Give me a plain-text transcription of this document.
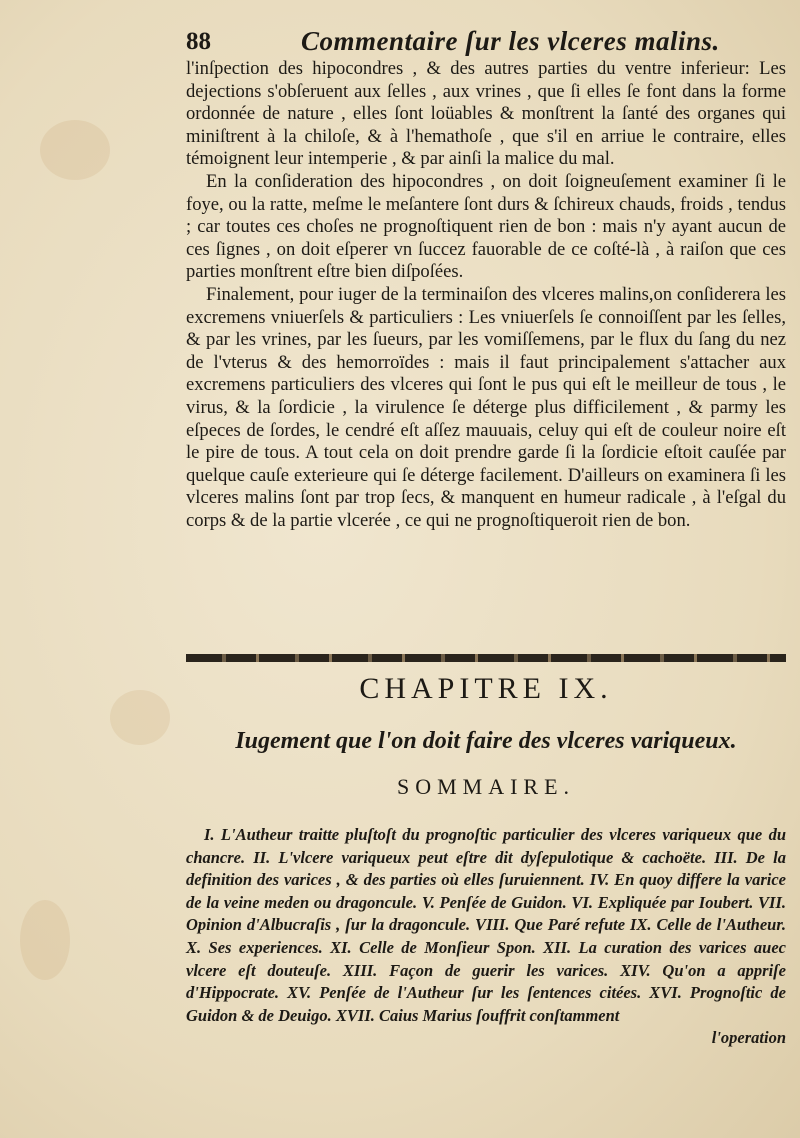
88	Commentaire ſur les vlceres malins.

l'inſpection des hipocondres , & des autres parties du ventre inferieur: Les dejections s'obſeruent aux ſelles , aux vrines , que ſi elles ſe font dans la forme ordonnée de nature , elles ſont loüables & monſtrent la ſanté des organes qui miniſtrent à la chiloſe, & à l'hemathoſe , que s'il en arriue le contraire, elles témoignent leur intemperie , & par ainſi la malice du mal.

En la conſideration des hipocondres , on doit ſoigneuſement examiner ſi le foye, ou la ratte, meſme le meſantere ſont durs & ſchireux chauds, froids , tendus ; car toutes ces choſes ne prognoſtiquent rien de bon : mais n'y ayant aucun de ces ſignes , on doit eſperer vn ſuccez fauorable de ce coſté-là , à raiſon que ces parties monſtrent eſtre bien diſpoſées.

Finalement, pour iuger de la terminaiſon des vlceres malins,on conſiderera les excremens vniuerſels & particuliers : Les vniuerſels ſe connoiſſent par les ſelles, & par les vrines, par les ſueurs, par les vomiſſemens, par le flux du ſang du nez de l'vterus & des hemorroïdes : mais il faut principalement s'attacher aux excremens particuliers des vlceres qui ſont le pus qui eſt le meilleur de tous , le virus, & la ſordicie , la virulence ſe déterge plus difficilement , & parmy les eſpeces de ſordes, le cendré eſt aſſez mauuais, celuy qui eſt de couleur noire eſt le pire de tous. A tout cela on doit prendre garde ſi la ſordicie eſtoit cauſée par quelque cauſe exterieure qui ſe déterge facilement. D'ailleurs on examinera ſi les vlceres malins ſont par trop ſecs, & manquent en humeur radicale , à l'eſgal du corps & de la partie vlcerée , ce qui ne prognoſtiqueroit rien de bon.

CHAPITRE IX.
Iugement que l'on doit faire des vlceres variqueux.
SOMMAIRE.
I. L'Autheur traitte pluſtoſt du prognoſtic particulier des vlceres variqueux que du chancre. II. L'vlcere variqueux peut eſtre dit dyſepulotique & cachoëte. III. De la definition des varices , & des parties où elles ſuruiennent. IV. En quoy differe la varice de la veine meden ou dragoncule. V. Penſée de Guidon. VI. Expliquée par Ioubert. VII. Opinion d'Albucraſis , ſur la dragoncule. VIII. Que Paré refute IX. Celle de l'Autheur. X. Ses experiences. XI. Celle de Monſieur Spon. XII. La curation des varices auec vlcere eſt douteuſe. XIII. Façon de guerir les varices. XIV. Qu'on a appriſe d'Hippocrate. XV. Penſée de l'Autheur ſur les ſentences citées. XVI. Prognoſtic de Guidon & de Deuigo. XVII. Caius Marius ſouffrit conſtamment
l'operation
